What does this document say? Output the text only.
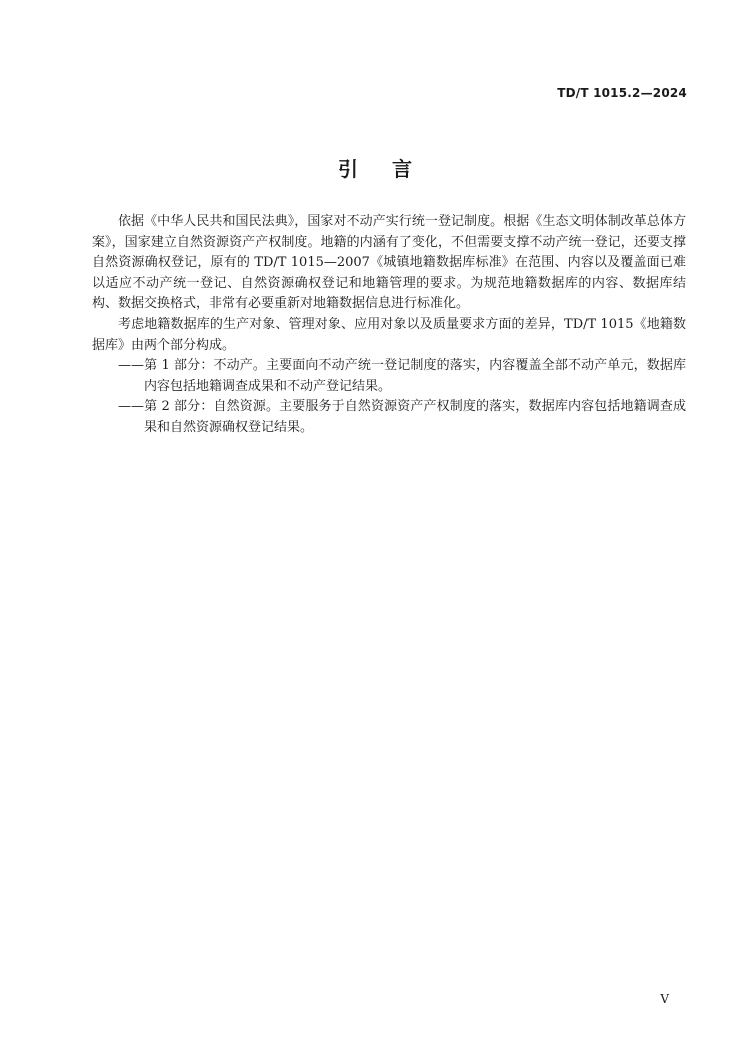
TD/T 1015.2—2024
引言

依据《中华人民共和国民法典》，国家对不动产实行统一登记制度。根据《生态文明体制改革总体方案》，国家建立自然资源资产产权制度。地籍的内涵有了变化，不但需要支撑不动产统一登记，还要支撑自然资源确权登记，原有的 TD/T 1015—2007《城镇地籍数据库标准》在范围、内容以及覆盖面已难以适应不动产统一登记、自然资源确权登记和地籍管理的要求。为规范地籍数据库的内容、数据库结构、数据交换格式，非常有必要重新对地籍数据信息进行标准化。

考虑地籍数据库的生产对象、管理对象、应用对象以及质量要求方面的差异，TD/T 1015《地籍数据库》由两个部分构成。

——第 1 部分：不动产。主要面向不动产统一登记制度的落实，内容覆盖全部不动产单元，数据库内容包括地籍调查成果和不动产登记结果。

——第 2 部分：自然资源。主要服务于自然资源资产产权制度的落实，数据库内容包括地籍调查成果和自然资源确权登记结果。

V
